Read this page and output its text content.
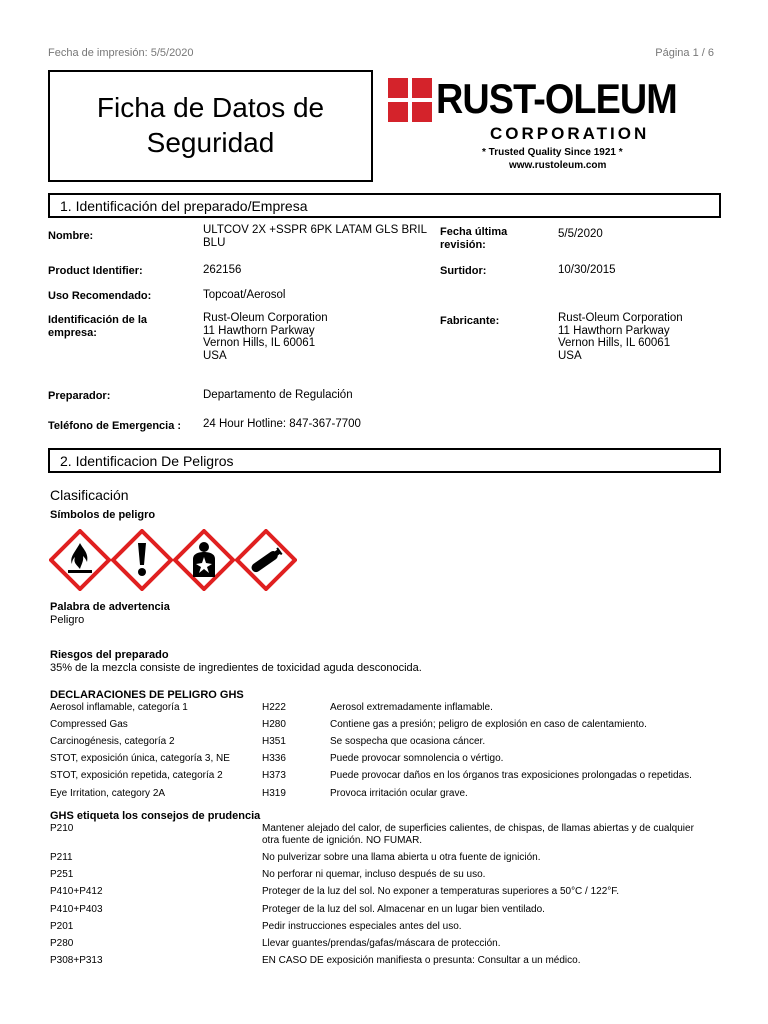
Fecha de impresión: 5/5/2020	Página 1 / 6
Ficha de Datos de
Seguridad
RUST-OLEUM
CORPORATION
* Trusted Quality Since 1921 *
www.rustoleum.com
1. Identificación del preparado/Empresa
Nombre:	ULTCOV 2X +SSPR 6PK LATAM GLS BRIL
BLU
Fecha última
revisión:
5/5/2020
Product Identifier:	262156	Surtidor:	10/30/2015
Uso Recomendado:	Topcoat/Aerosol
Identificación de la
empresa:
Rust-Oleum Corporation
11 Hawthorn Parkway
Vernon Hills, IL 60061
USA
Fabricante:	Rust-Oleum Corporation
11 Hawthorn Parkway
Vernon Hills, IL 60061
USA
Preparador:	Departamento de Regulación
Teléfono de Emergencia : 24 Hour Hotline: 847-367-7700
2. Identificacion De Peligros
Clasificación
Símbolos de peligro
Palabra de advertencia
Peligro
Riesgos del preparado
35% de la mezcla consiste de ingredientes de toxicidad aguda desconocida.
DECLARACIONES DE PELIGRO GHS
Aerosol inflamable, categoría 1	H222	Aerosol extremadamente inflamable.
Compressed Gas	H280	Contiene gas a presión; peligro de explosión en caso de calentamiento.
Carcinogénesis, categoría 2	H351	Se sospecha que ocasiona cáncer.
STOT, exposición única, categoría 3, NE	H336	Puede provocar somnolencia o vértigo.
STOT, exposición repetida, categoría 2	H373	Puede provocar daños en los órganos tras exposiciones prolongadas o repetidas.
Eye Irritation, category 2A	H319	Provoca irritación ocular grave.
GHS etiqueta los consejos de prudencia
P210	Mantener alejado del calor, de superficies calientes, de chispas, de llamas abiertas y de cualquier
otra fuente de ignición. NO FUMAR.
P211	No pulverizar sobre una llama abierta u otra fuente de ignición.
P251	No perforar ni quemar, incluso después de su uso.
P410+P412	Proteger de la luz del sol. No exponer a temperaturas superiores a 50°C / 122°F.
P410+P403	Proteger de la luz del sol. Almacenar en un lugar bien ventilado.
P201	Pedir instrucciones especiales antes del uso.
P280	Llevar guantes/prendas/gafas/máscara de protección.
P308+P313	EN CASO DE exposición manifiesta o presunta: Consultar a un médico.
